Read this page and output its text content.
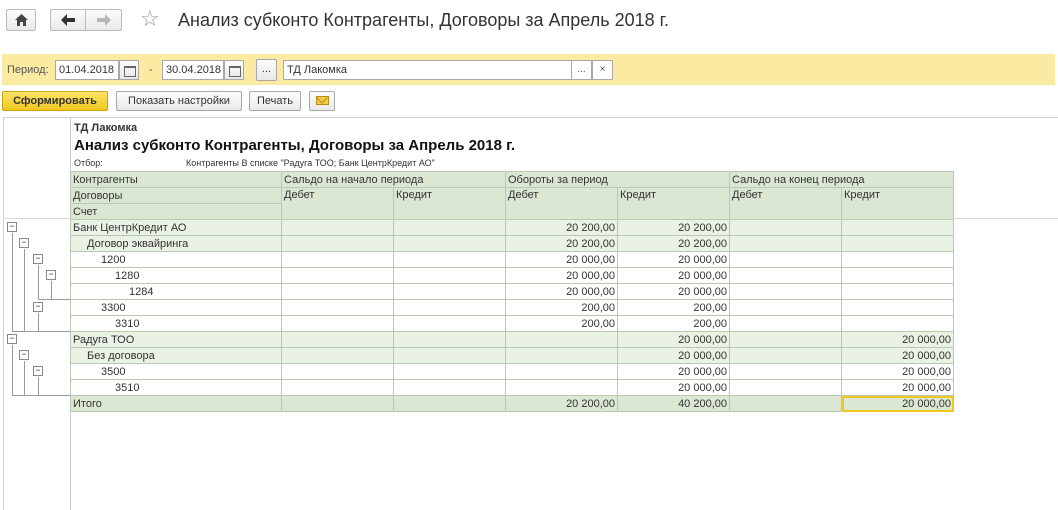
☆ Анализ субконто Контрагенты, Договоры за Апрель 2018 г.
Период: 01.04.2018	-	30.04.2018	...	ТД Лакомка	...	×
Сформировать	Показать настройки	Печать
ТД Лакомка
Анализ субконто Контрагенты, Договоры за Апрель 2018 г.
Отбор:	Контрагенты В списке "Радуга ТОО; Банк ЦентрКредит АО"
Контрагенты	Сальдо на начало периода		Обороты за период		Сальдо на конец периода	
Договоры	Дебет	Кредит	Дебет	Кредит	Дебет	Кредит
Счет						
Банк ЦентрКредит АО			20 200,00	20 200,00		
Договор эквайринга			20 200,00	20 200,00		
1200			20 000,00	20 000,00		
1280			20 000,00	20 000,00		
1284			20 000,00	20 000,00		
3300			200,00	200,00		
3310			200,00	200,00		
Радуга ТОО				20 000,00		20 000,00
Без договора				20 000,00		20 000,00
3500				20 000,00		20 000,00
3510				20 000,00		20 000,00
Итого			20 200,00	40 200,00		20 000,00
−
−
−
−
−
−
−
−
